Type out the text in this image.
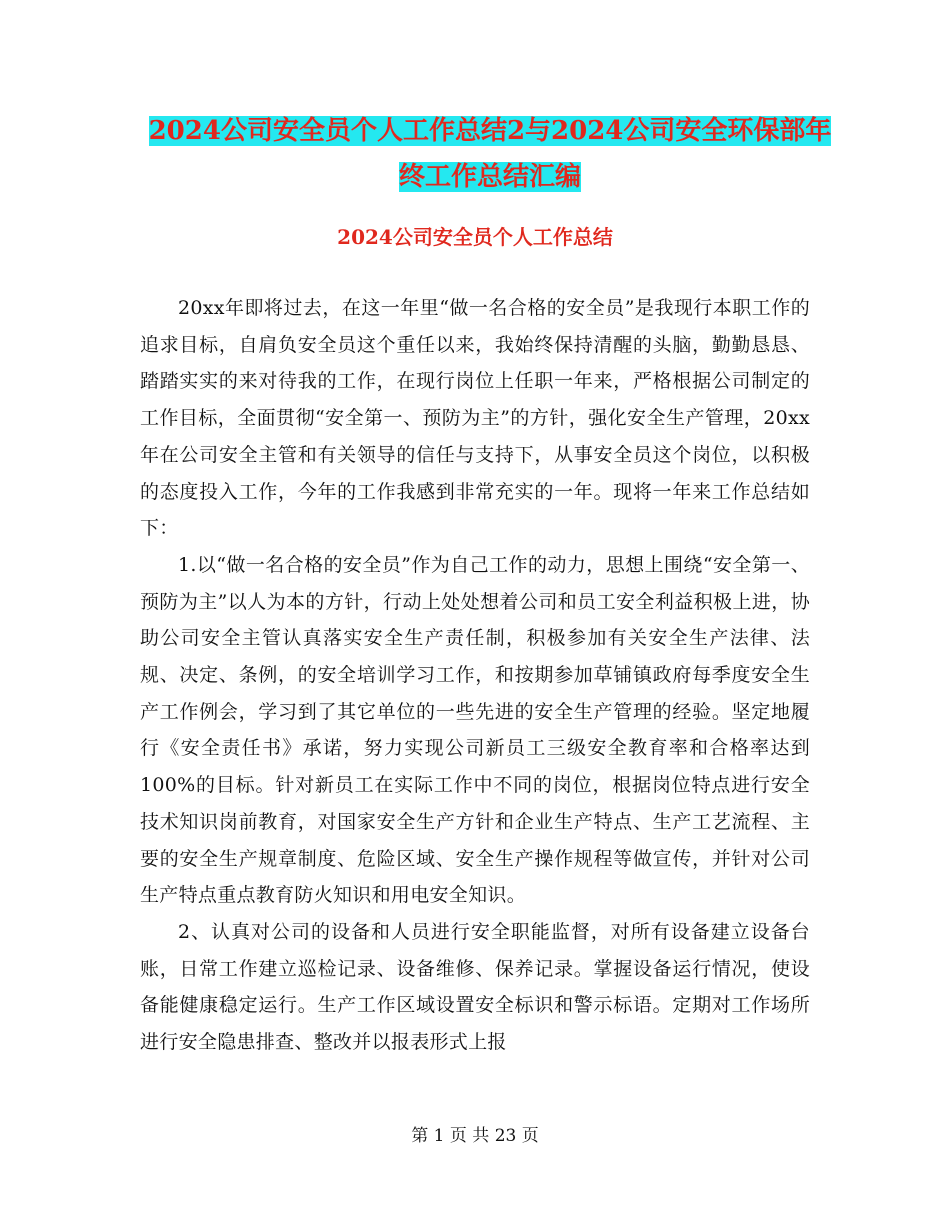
2024公司安全员个人工作总结2与2024公司安全环保部年终工作总结汇编
2024公司安全员个人工作总结

20xx年即将过去，在这一年里“做一名合格的安全员”是我现行本职工作的追求目标，自肩负安全员这个重任以来，我始终保持清醒的头脑，勤勤恳恳、踏踏实实的来对待我的工作，在现行岗位上任职一年来，严格根据公司制定的工作目标，全面贯彻“安全第一、预防为主”的方针，强化安全生产管理，20xx年在公司安全主管和有关领导的信任与支持下，从事安全员这个岗位，以积极的态度投入工作，今年的工作我感到非常充实的一年。现将一年来工作总结如下：

1.以“做一名合格的安全员”作为自己工作的动力，思想上围绕“安全第一、预防为主”以人为本的方针，行动上处处想着公司和员工安全利益积极上进，协助公司安全主管认真落实安全生产责任制，积极参加有关安全生产法律、法规、决定、条例，的安全培训学习工作，和按期参加草铺镇政府每季度安全生产工作例会，学习到了其它单位的一些先进的安全生产管理的经验。坚定地履行《安全责任书》承诺，努力实现公司新员工三级安全教育率和合格率达到100%的目标。针对新员工在实际工作中不同的岗位，根据岗位特点进行安全技术知识岗前教育，对国家安全生产方针和企业生产特点、生产工艺流程、主要的安全生产规章制度、危险区域、安全生产操作规程等做宣传，并针对公司生产特点重点教育防火知识和用电安全知识。

2、认真对公司的设备和人员进行安全职能监督，对所有设备建立设备台账，日常工作建立巡检记录、设备维修、保养记录。掌握设备运行情况，使设备能健康稳定运行。生产工作区域设置安全标识和警示标语。定期对工作场所进行安全隐患排查、整改并以报表形式上报

第 1 页 共 23 页
